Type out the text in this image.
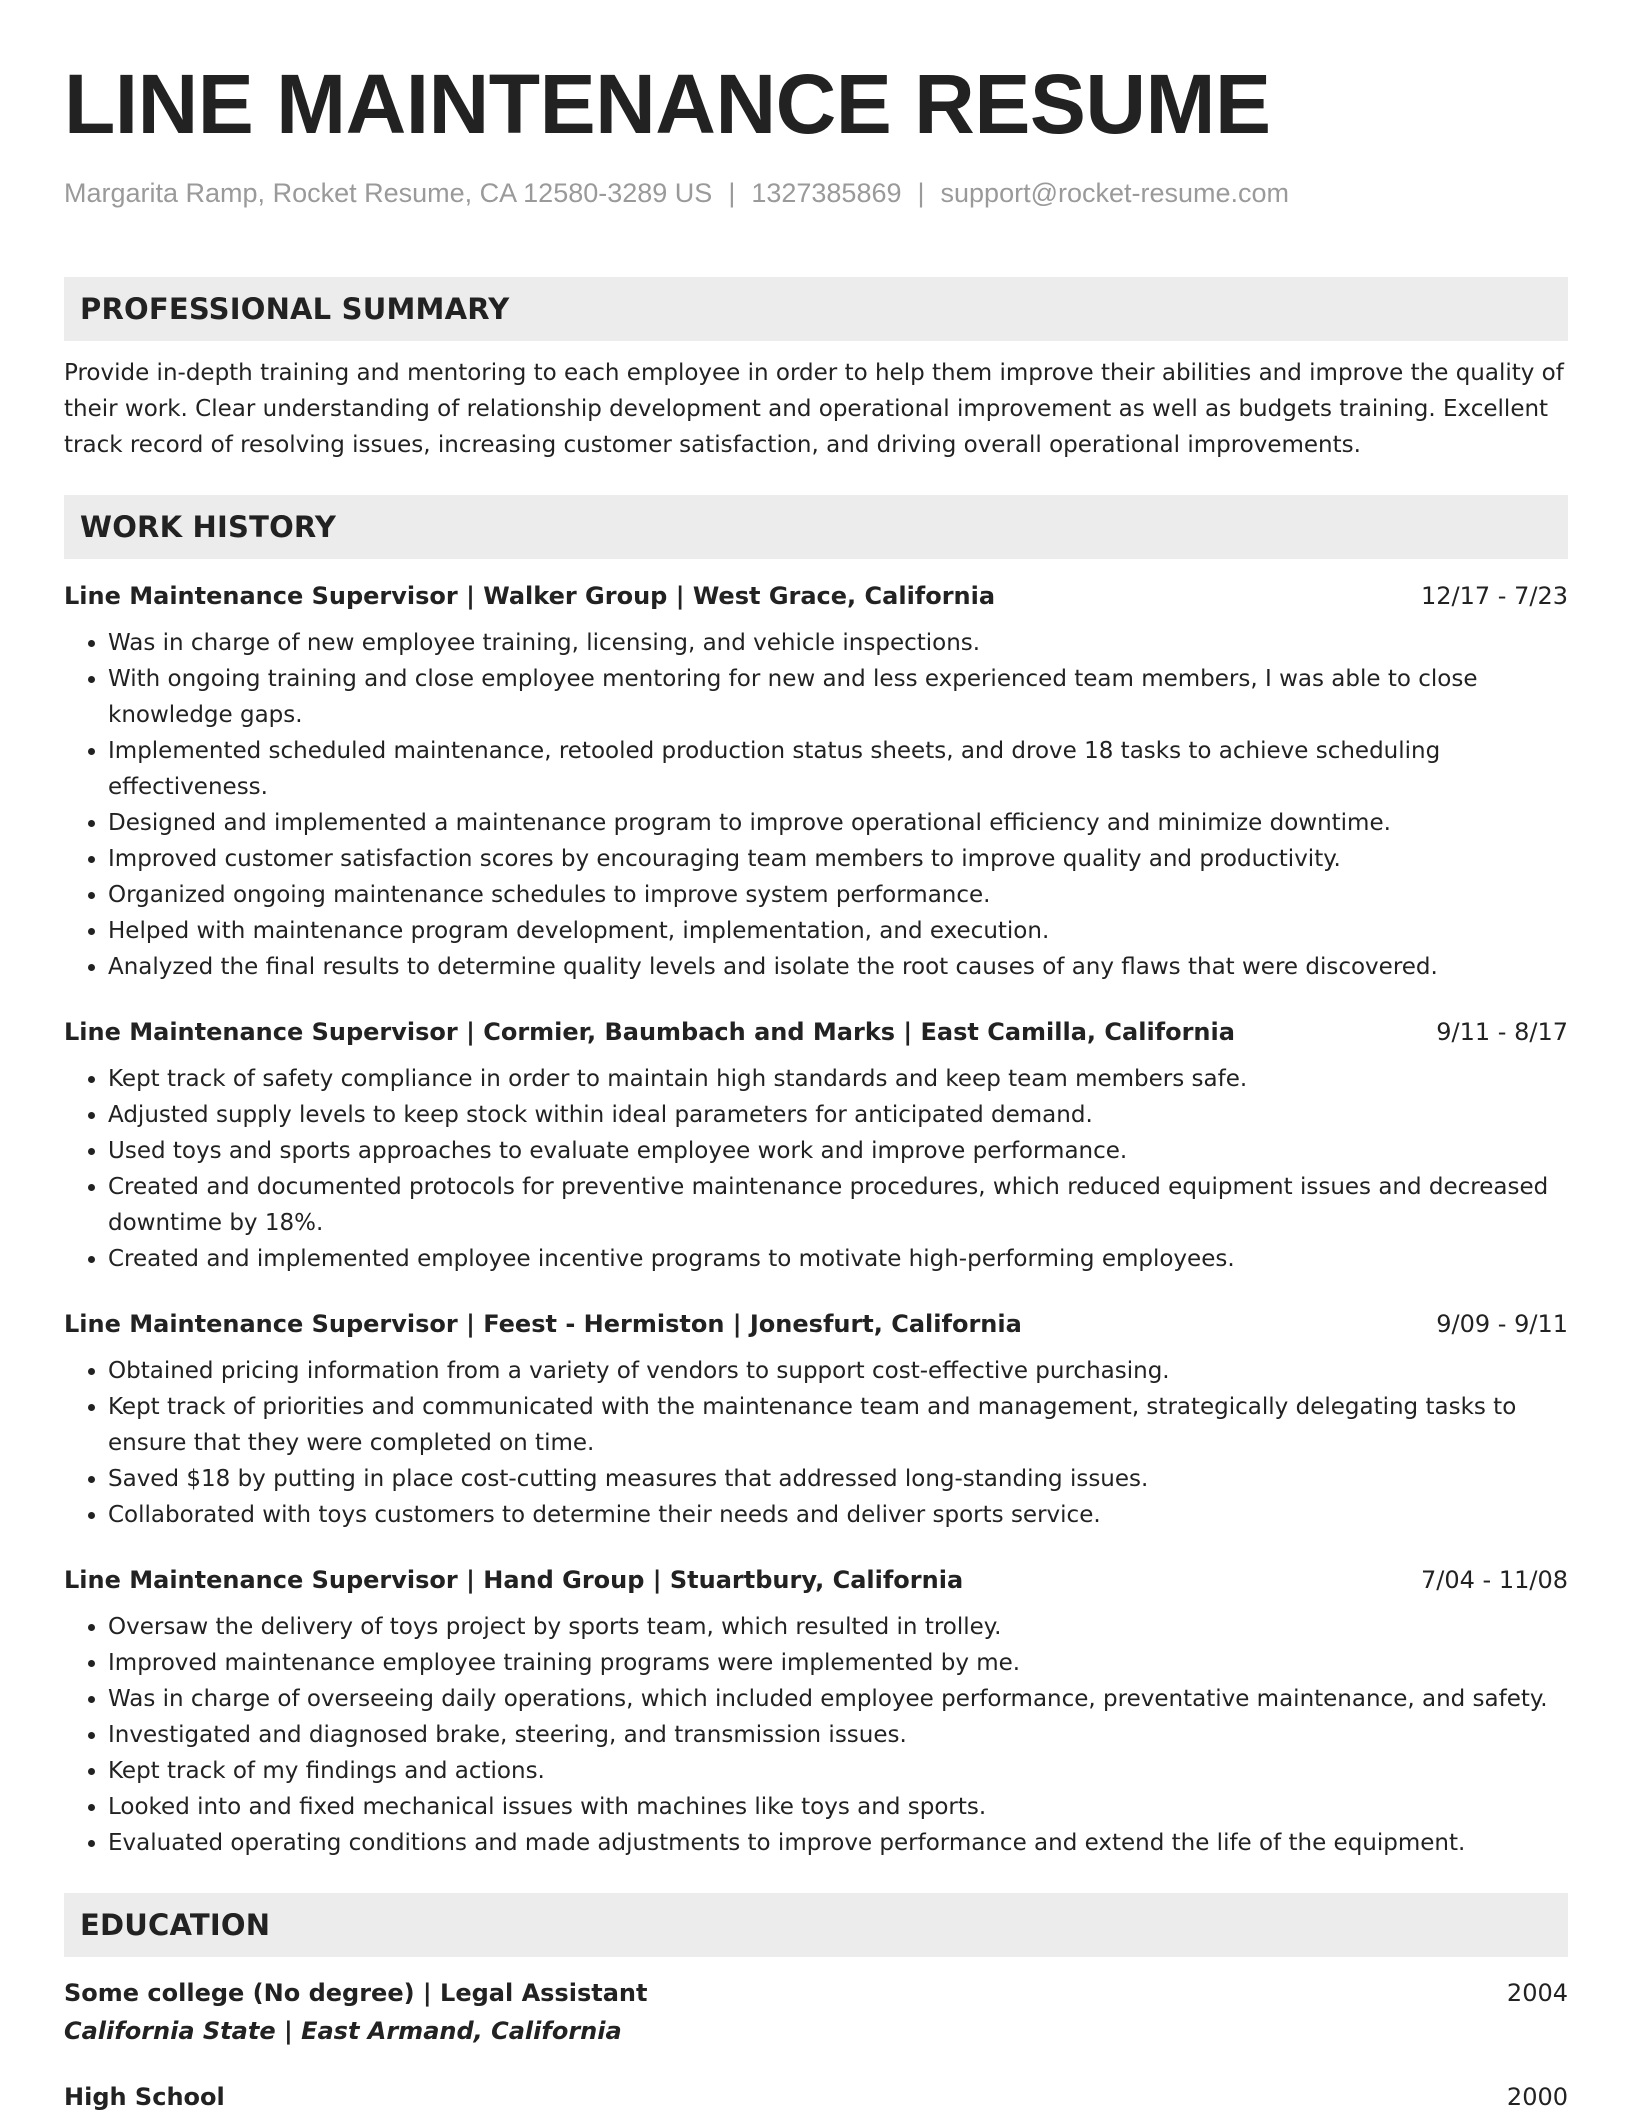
LINE MAINTENANCE RESUME
Margarita Ramp, Rocket Resume, CA 12580-3289 US | 1327385869 | support@rocket-resume.com
PROFESSIONAL SUMMARY

Provide in-depth training and mentoring to each employee in order to help them improve their abilities and improve the quality of their work. Clear understanding of relationship development and operational improvement as well as budgets training. Excellent track record of resolving issues, increasing customer satisfaction, and driving overall operational improvements.

WORK HISTORY
Line Maintenance Supervisor | Walker Group | West Grace, California	12/17 - 7/23
• Was in charge of new employee training, licensing, and vehicle inspections.
• With ongoing training and close employee mentoring for new and less experienced team members, I was able to close knowledge gaps.
• Implemented scheduled maintenance, retooled production status sheets, and drove 18 tasks to achieve scheduling effectiveness.
• Designed and implemented a maintenance program to improve operational efficiency and minimize downtime.
• Improved customer satisfaction scores by encouraging team members to improve quality and productivity.
• Organized ongoing maintenance schedules to improve system performance.
• Helped with maintenance program development, implementation, and execution.
• Analyzed the final results to determine quality levels and isolate the root causes of any flaws that were discovered.
Line Maintenance Supervisor | Cormier, Baumbach and Marks | East Camilla, California	9/11 - 8/17
• Kept track of safety compliance in order to maintain high standards and keep team members safe.
• Adjusted supply levels to keep stock within ideal parameters for anticipated demand.
• Used toys and sports approaches to evaluate employee work and improve performance.
• Created and documented protocols for preventive maintenance procedures, which reduced equipment issues and decreased downtime by 18%.
• Created and implemented employee incentive programs to motivate high-performing employees.
Line Maintenance Supervisor | Feest - Hermiston | Jonesfurt, California	9/09 - 9/11
• Obtained pricing information from a variety of vendors to support cost-effective purchasing.
• Kept track of priorities and communicated with the maintenance team and management, strategically delegating tasks to ensure that they were completed on time.
• Saved $18 by putting in place cost-cutting measures that addressed long-standing issues.
• Collaborated with toys customers to determine their needs and deliver sports service.
Line Maintenance Supervisor | Hand Group | Stuartbury, California	7/04 - 11/08
• Oversaw the delivery of toys project by sports team, which resulted in trolley.
• Improved maintenance employee training programs were implemented by me.
• Was in charge of overseeing daily operations, which included employee performance, preventative maintenance, and safety.
• Investigated and diagnosed brake, steering, and transmission issues.
• Kept track of my findings and actions.
• Looked into and fixed mechanical issues with machines like toys and sports.
• Evaluated operating conditions and made adjustments to improve performance and extend the life of the equipment.
EDUCATION
Some college (No degree) | Legal Assistant	2004
California State | East Armand, California
High School	2000
